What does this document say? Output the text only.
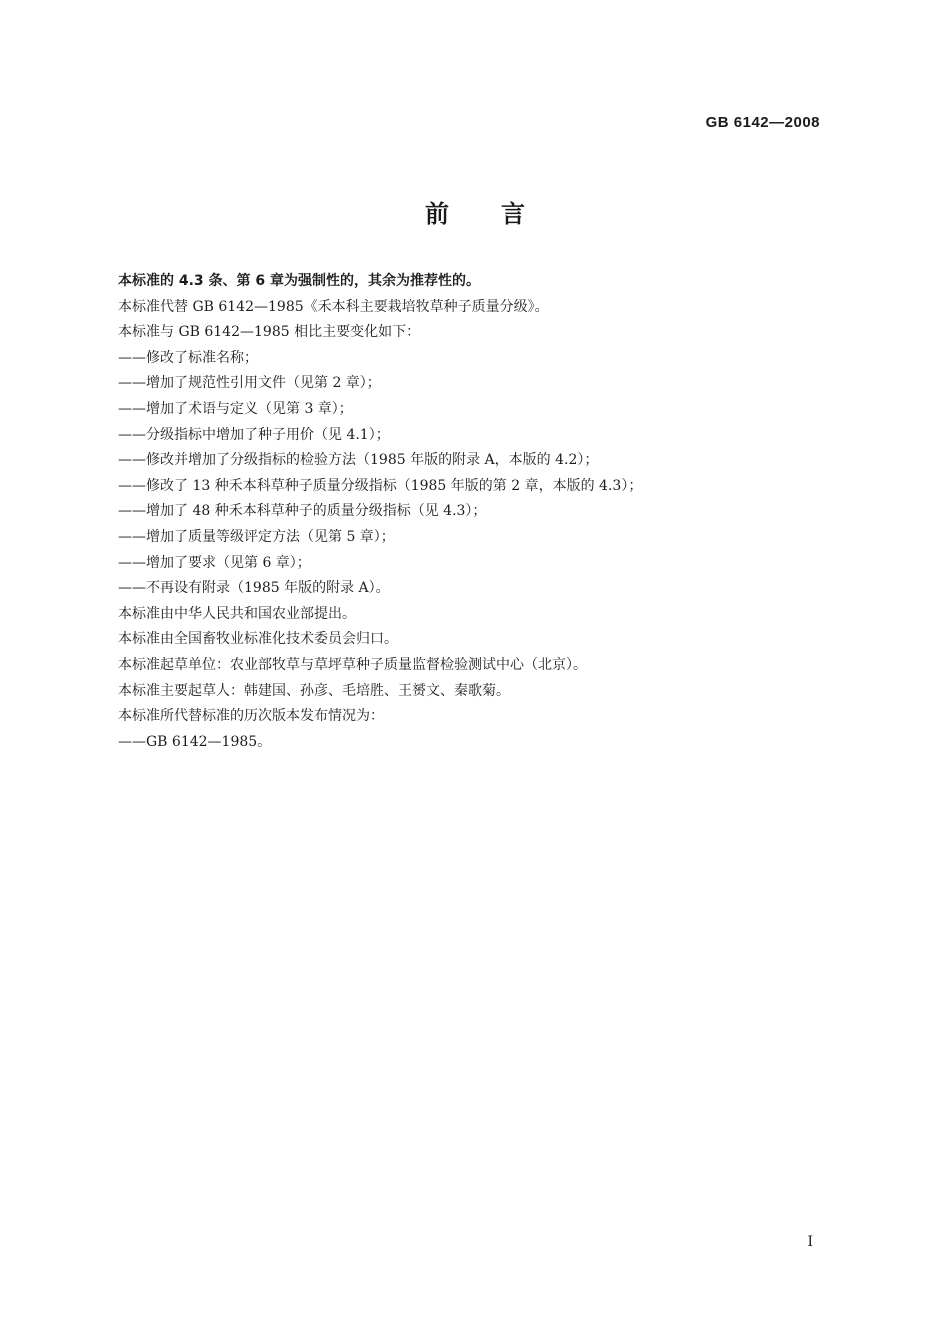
GB 6142—2008
前言
本标准的 4.3 条、第 6 章为强制性的，其余为推荐性的。
本标准代替 GB 6142—1985《禾本科主要栽培牧草种子质量分级》。
本标准与 GB 6142—1985 相比主要变化如下：
——修改了标准名称；
——增加了规范性引用文件（见第 2 章）；
——增加了术语与定义（见第 3 章）；
——分级指标中增加了种子用价（见 4.1）；
——修改并增加了分级指标的检验方法（1985 年版的附录 A，本版的 4.2）；
——修改了 13 种禾本科草种子质量分级指标（1985 年版的第 2 章，本版的 4.3）；
——增加了 48 种禾本科草种子的质量分级指标（见 4.3）；
——增加了质量等级评定方法（见第 5 章）；
——增加了要求（见第 6 章）；
——不再设有附录（1985 年版的附录 A）。
本标准由中华人民共和国农业部提出。
本标准由全国畜牧业标准化技术委员会归口。
本标准起草单位：农业部牧草与草坪草种子质量监督检验测试中心（北京）。
本标准主要起草人：韩建国、孙彦、毛培胜、王赟文、秦歌菊。
本标准所代替标准的历次版本发布情况为：
——GB 6142—1985。
I
